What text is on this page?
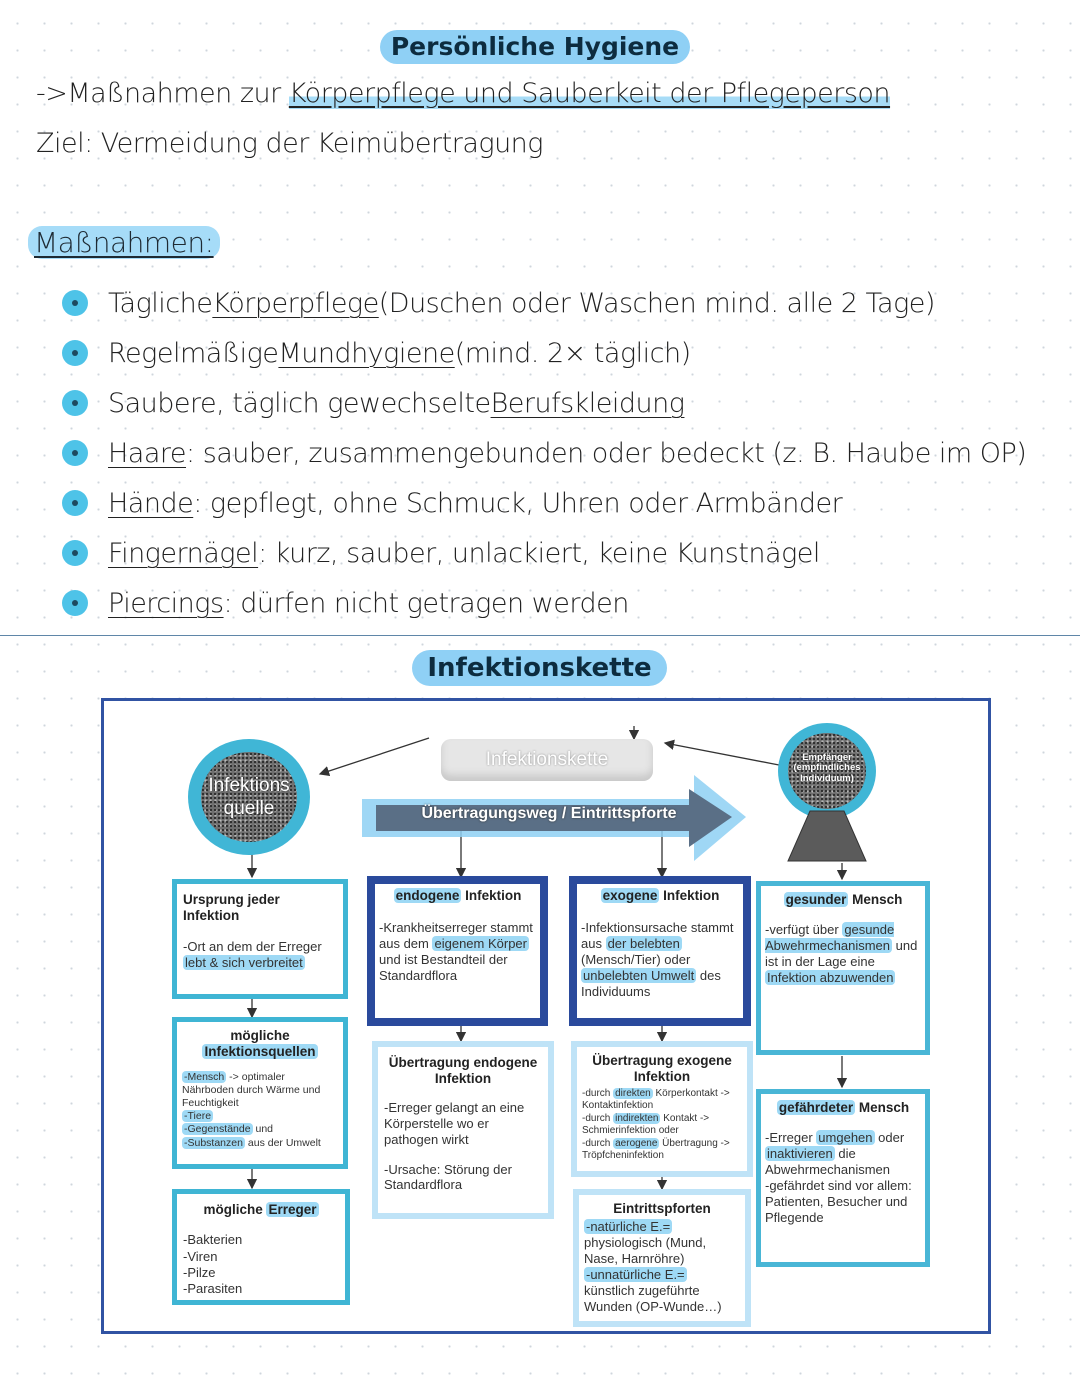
Persönliche Hygiene
->Maßnahmen zur Körperpflege und Sauberkeit der Pflegeperson
Ziel: Vermeidung der Keimübertragung
Maßnahmen:
Tägliche Körperpflege (Duschen oder Waschen mind. alle 2 Tage)
Regelmäßige Mundhygiene (mind. 2× täglich)
Saubere, täglich gewechselte Berufskleidung
Haare : sauber, zusammengebunden oder bedeckt (z. B. Haube im OP)
Hände : gepflegt, ohne Schmuck, Uhren oder Armbänder
Fingernägel : kurz, sauber, unlackiert, keine Kunstnägel
Piercings : dürfen nicht getragen werden
Infektionskette
Infektionskette
Übertragungsweg / Eintrittspforte
Infektions quelle
Empfänger (empfindliches Individuum)
Ursprung jeder Infektion
-Ort an dem der Erreger
lebt & sich verbreitet
mögliche
Infektionsquellen
-Mensch -> optimaler Nährboden durch Wärme und Feuchtigkeit
-Tiere
-Gegenstände und
-Substanzen aus der Umwelt
mögliche Erreger
-Bakterien
-Viren
-Pilze
-Parasiten
endogene Infektion
-Krankheitserreger stammt aus dem eigenem Körper und ist Bestandteil der Standardflora
exogene Infektion
-Infektionsursache stammt aus der belebten (Mensch/Tier) oder unbelebten Umwelt des Individuums
Übertragung endogene Infektion
-Erreger gelangt an eine Körperstelle wo er pathogen wirkt
-Ursache: Störung der Standardflora
Übertragung exogene Infektion
-durch direkten Körperkontakt -> Kontaktinfektion
-durch indirekten Kontakt -> Schmierinfektion oder
-durch aerogene Übertragung -> Tröpfcheninfektion
Eintrittspforten
-natürliche E.= physiologisch (Mund, Nase, Harnröhre)
-unnatürliche E.= künstlich zugeführte Wunden (OP-Wunde…)
gesunder Mensch
-verfügt über gesunde Abwehrmechanismen und ist in der Lage eine Infektion abzuwenden
gefährdeter Mensch
-Erreger umgehen oder inaktivieren die Abwehrmechanismen
-gefährdet sind vor allem: Patienten, Besucher und Pflegende
